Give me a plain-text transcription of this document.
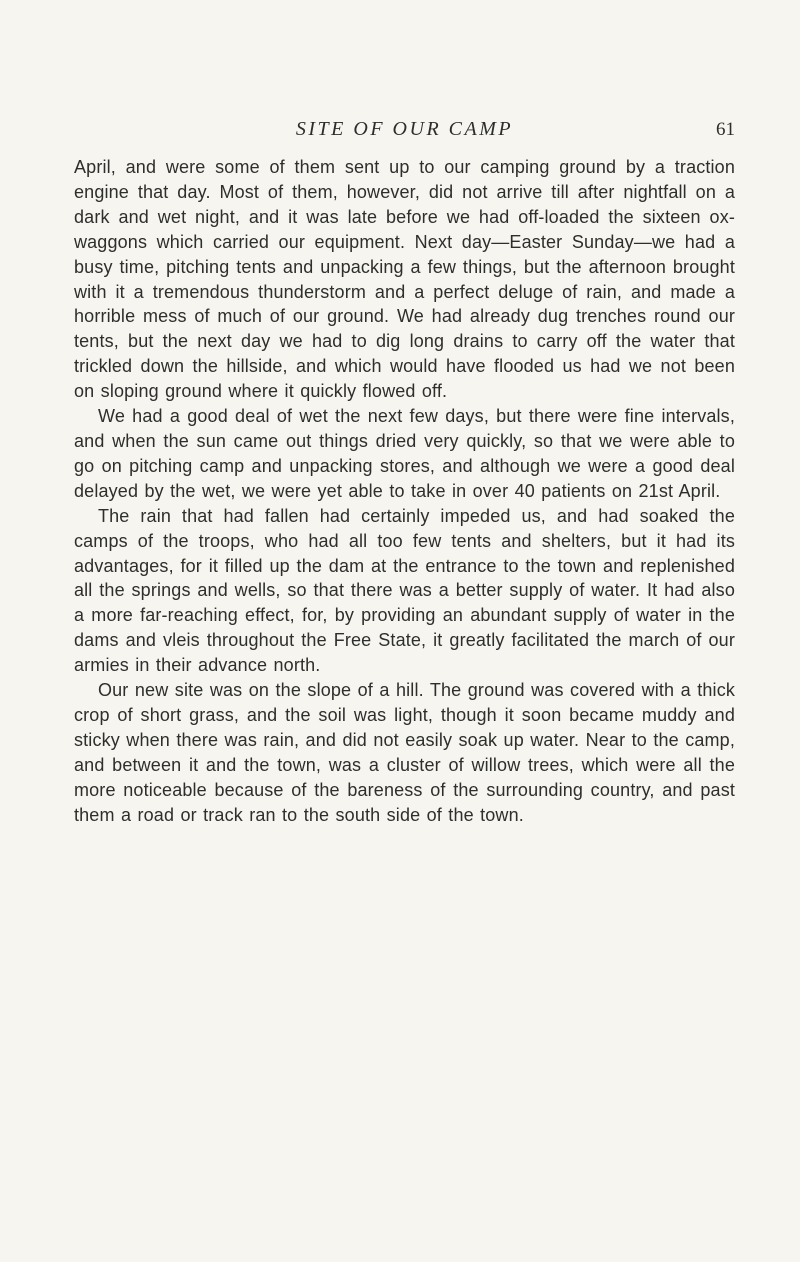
SITE OF OUR CAMP	61

April, and were some of them sent up to our camping ground by a traction engine that day. Most of them, however, did not arrive till after nightfall on a dark and wet night, and it was late before we had off-loaded the sixteen ox-waggons which carried our equipment. Next day—Easter Sunday—we had a busy time, pitching tents and unpacking a few things, but the afternoon brought with it a tremendous thunderstorm and a perfect deluge of rain, and made a horrible mess of much of our ground. We had already dug trenches round our tents, but the next day we had to dig long drains to carry off the water that trickled down the hillside, and which would have flooded us had we not been on sloping ground where it quickly flowed off.

We had a good deal of wet the next few days, but there were fine intervals, and when the sun came out things dried very quickly, so that we were able to go on pitching camp and unpacking stores, and although we were a good deal delayed by the wet, we were yet able to take in over 40 patients on 21st April.

The rain that had fallen had certainly impeded us, and had soaked the camps of the troops, who had all too few tents and shelters, but it had its advantages, for it filled up the dam at the entrance to the town and replenished all the springs and wells, so that there was a better supply of water. It had also a more far-reaching effect, for, by providing an abundant supply of water in the dams and vleis throughout the Free State, it greatly facilitated the march of our armies in their advance north.

Our new site was on the slope of a hill. The ground was covered with a thick crop of short grass, and the soil was light, though it soon became muddy and sticky when there was rain, and did not easily soak up water. Near to the camp, and between it and the town, was a cluster of willow trees, which were all the more noticeable because of the bareness of the surrounding country, and past them a road or track ran to the south side of the town.
